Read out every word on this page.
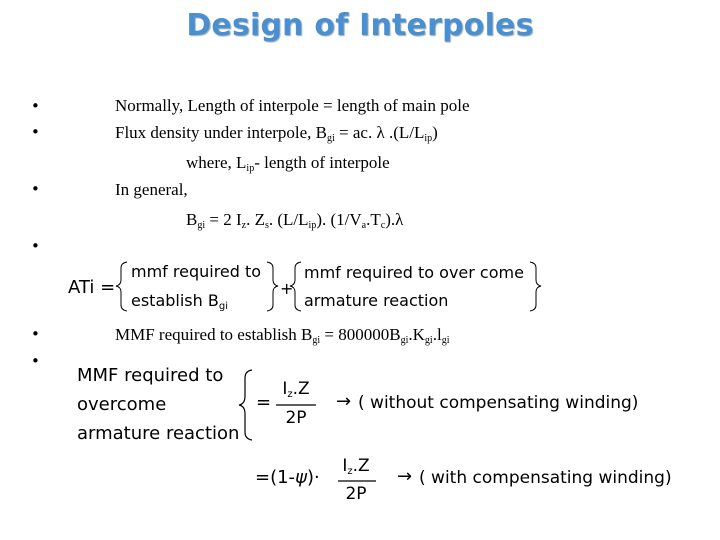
Design of Interpoles
•
•
•
•
•
•
Normally, Length of interpole = length of main pole
Flux density under interpole, $B_{gi}$ = ac. λ $.(L/L_{ip})$
where, $L_{ip}-$ length of interpole
In general,
$B_{gi} = 2$ $I_z$. $Z_s$. $(L/L_{ip})$. $(1/V_a.T_c).\lambda$
ATi =
mmf required to
establish $B_{gi}$
+
mmf required to over come
armature reaction
MMF required to establish $B_{gi} = 800000B_{gi}.K_{gi}.l_{gi}$
MMF required to
overcome
armature reaction
=
$I_z.Z$
2P
→ ( without compensating winding)
=(1-ψ)·
$I_z.Z$
2P
→ ( with compensating winding)
